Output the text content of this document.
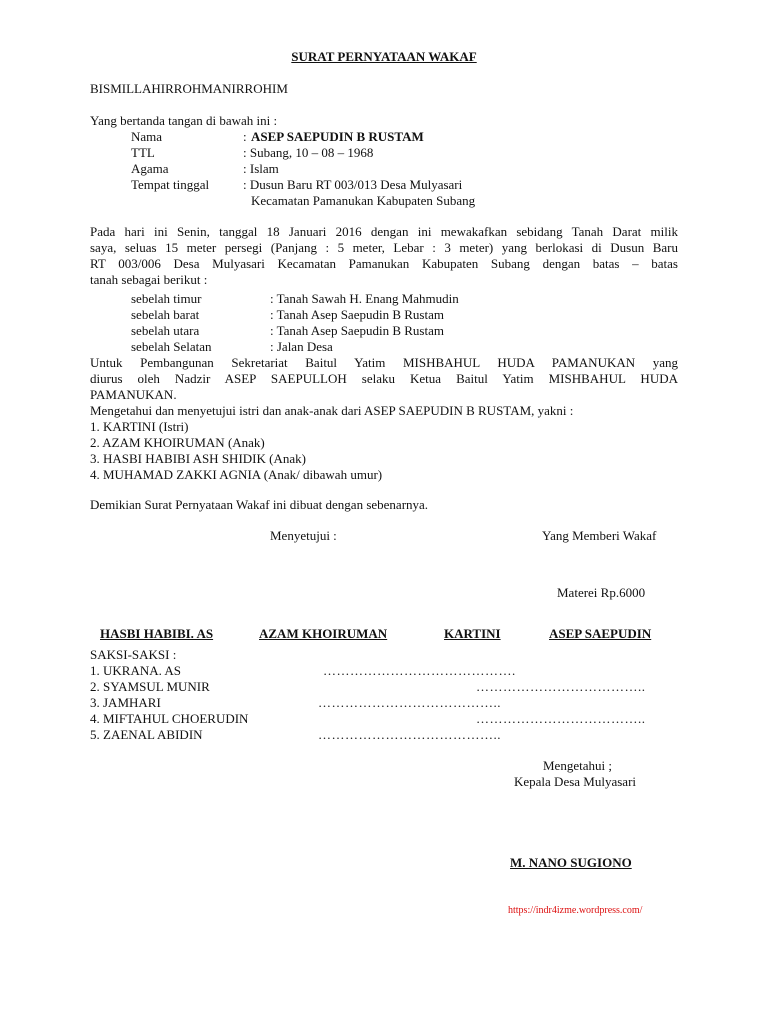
SURAT PERNYATAAN WAKAF
BISMILLAHIRROHMANIRROHIM
Yang bertanda tangan di bawah ini :
Nama	: ASEP SAEPUDIN B RUSTAM
TTL	: Subang, 10 – 08 – 1968
Agama	: Islam
Tempat tinggal	: Dusun Baru RT 003/013 Desa Mulyasari
Kecamatan Pamanukan Kabupaten Subang
Pada hari ini Senin, tanggal 18 Januari 2016 dengan ini mewakafkan sebidang Tanah Darat milik
saya, seluas 15 meter persegi (Panjang : 5 meter, Lebar : 3 meter) yang berlokasi di Dusun Baru
RT 003/006 Desa Mulyasari Kecamatan Pamanukan Kabupaten Subang dengan batas – batas
tanah sebagai berikut :
sebelah timur	: Tanah Sawah H. Enang Mahmudin
sebelah barat	: Tanah Asep Saepudin B Rustam
sebelah utara	: Tanah Asep Saepudin B Rustam
sebelah Selatan	: Jalan Desa
Untuk Pembangunan Sekretariat Baitul Yatim MISHBAHUL HUDA PAMANUKAN yang
diurus oleh Nadzir ASEP SAEPULLOH selaku Ketua Baitul Yatim MISHBAHUL HUDA
PAMANUKAN.
Mengetahui dan menyetujui istri dan anak-anak dari ASEP SAEPUDIN B RUSTAM, yakni :
1. KARTINI (Istri)
2. AZAM KHOIRUMAN (Anak)
3. HASBI HABIBI ASH SHIDIK (Anak)
4. MUHAMAD ZAKKI AGNIA (Anak/ dibawah umur)
Demikian Surat Pernyataan Wakaf ini dibuat dengan sebenarnya.
Menyetujui :	Yang Memberi Wakaf
Materei Rp.6000
HASBI HABIBI. AS	AZAM KHOIRUMAN	KARTINI	ASEP SAEPUDIN
SAKSI-SAKSI :
1. UKRANA. AS	…………………………………….
2. SYAMSUL MUNIR	………………………………..
3. JAMHARI	…………………………………..
4. MIFTAHUL CHOERUDIN	………………………………..
5. ZAENAL ABIDIN	…………………………………..
Mengetahui ;
Kepala Desa Mulyasari
M. NANO SUGIONO
https://indr4izme.wordpress.com/
